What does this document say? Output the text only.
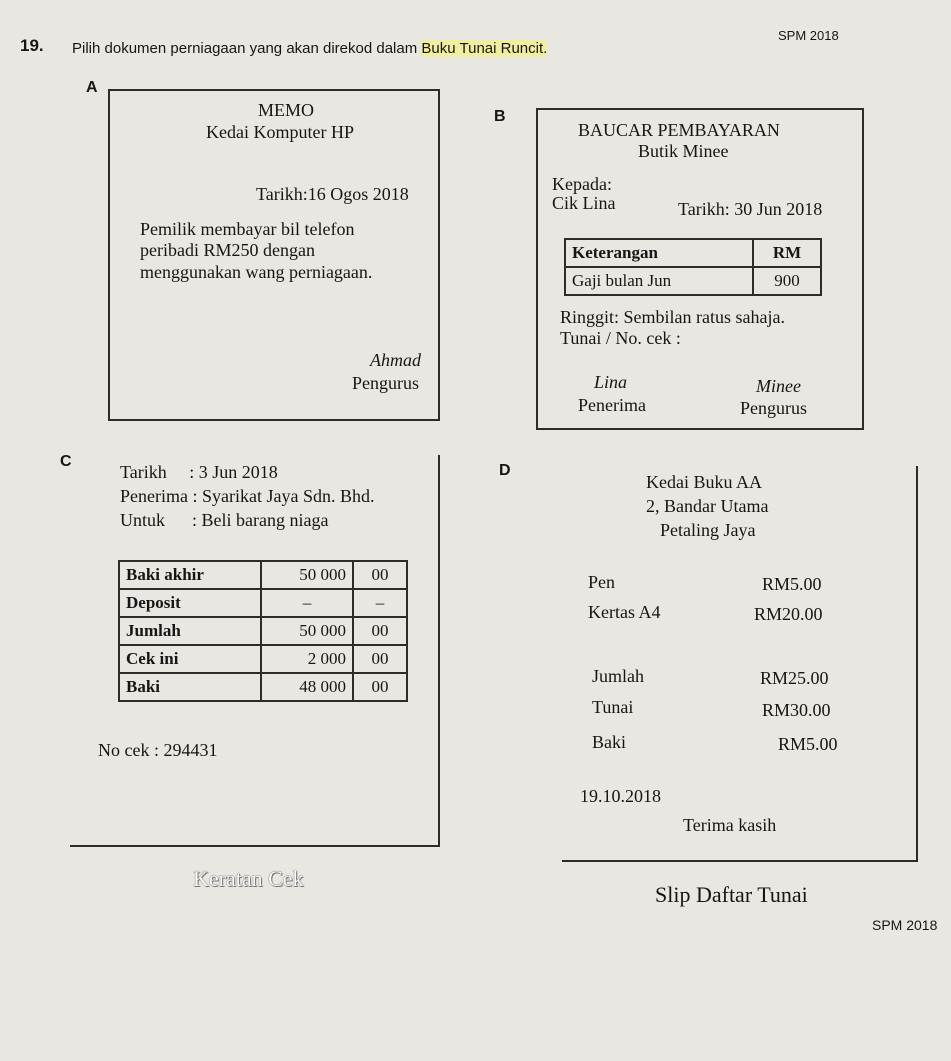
SPM 2018
19. Pilih dokumen perniagaan yang akan direkod dalam Buku Tunai Runcit.
A
MEMO
Kedai Komputer HP
Tarikh:16 Ogos 2018
Pemilik membayar bil telefon
peribadi RM250 dengan
menggunakan wang perniagaan.
Ahmad
Pengurus
B
BAUCAR PEMBAYARAN
Butik Minee
Kepada:
Cik Lina	Tarikh: 30 Jun 2018
Keterangan	RM
Gaji bulan Jun	900
Ringgit: Sembilan ratus sahaja.
Tunai / No. cek :
Lina
Penerima
Minee
Pengurus
C
Tarikh     : 3 Jun 2018
Penerima : Syarikat Jaya Sdn. Bhd.
Untuk      : Beli barang niaga
Baki akhir	50 000	00
Deposit	–	–
Jumlah	50 000	00
Cek ini	2 000	00
Baki	48 000	00
No cek : 294431
Keratan Cek
D
Kedai Buku AA
2, Bandar Utama
Petaling Jaya
Pen	RM5.00
Kertas A4	RM20.00
Jumlah	RM25.00
Tunai	RM30.00
Baki	RM5.00
19.10.2018
Terima kasih
Slip Daftar Tunai
SPM 2018
